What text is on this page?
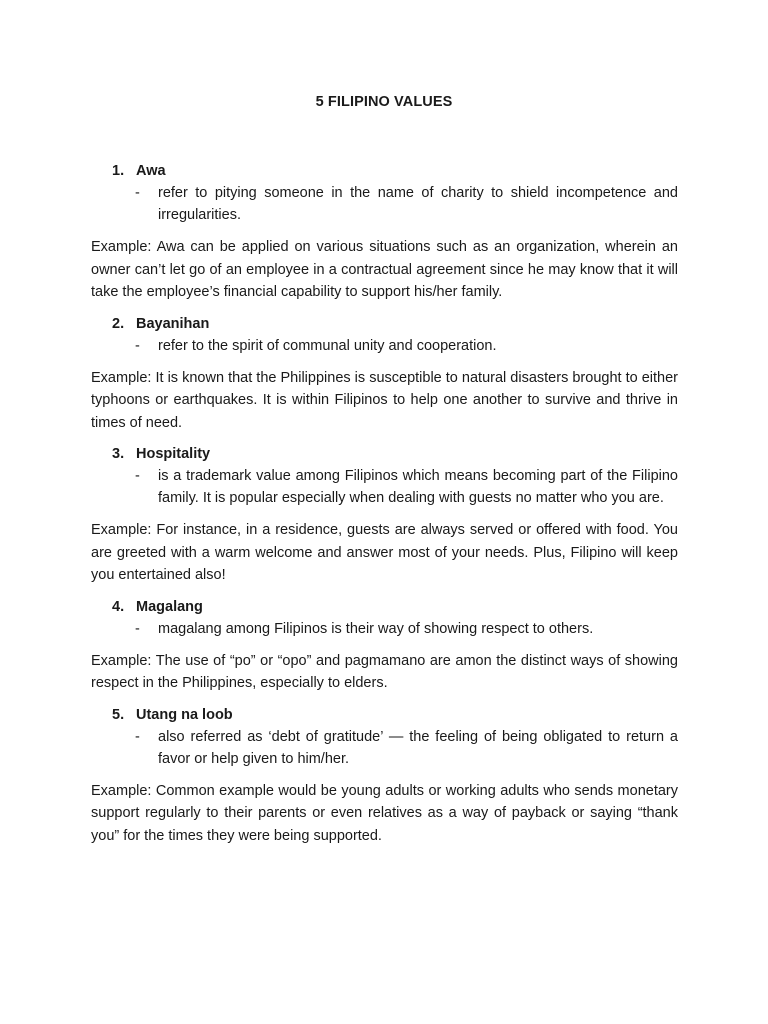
5 FILIPINO VALUES
1. Awa
-	refer to pitying someone in the name of charity to shield incompetence and irregularities.

Example: Awa can be applied on various situations such as an organization, wherein an owner can’t let go of an employee in a contractual agreement since he may know that it will take the employee’s financial capability to support his/her family.

2. Bayanihan
-	refer to the spirit of communal unity and cooperation.

Example: It is known that the Philippines is susceptible to natural disasters brought to either typhoons or earthquakes. It is within Filipinos to help one another to survive and thrive in times of need.

3. Hospitality
-	is a trademark value among Filipinos which means becoming part of the Filipino family. It is popular especially when dealing with guests no matter who you are.

Example: For instance, in a residence, guests are always served or offered with food. You are greeted with a warm welcome and answer most of your needs. Plus, Filipino will keep you entertained also!

4. Magalang
-	magalang among Filipinos is their way of showing respect to others.

Example: The use of “po” or “opo” and pagmamano are amon the distinct ways of showing respect in the Philippines, especially to elders.

5. Utang na loob
-	also referred as ‘debt of gratitude’ — the feeling of being obligated to return a favor or help given to him/her.

Example: Common example would be young adults or working adults who sends monetary support regularly to their parents or even relatives as a way of payback or saying “thank you” for the times they were being supported.
